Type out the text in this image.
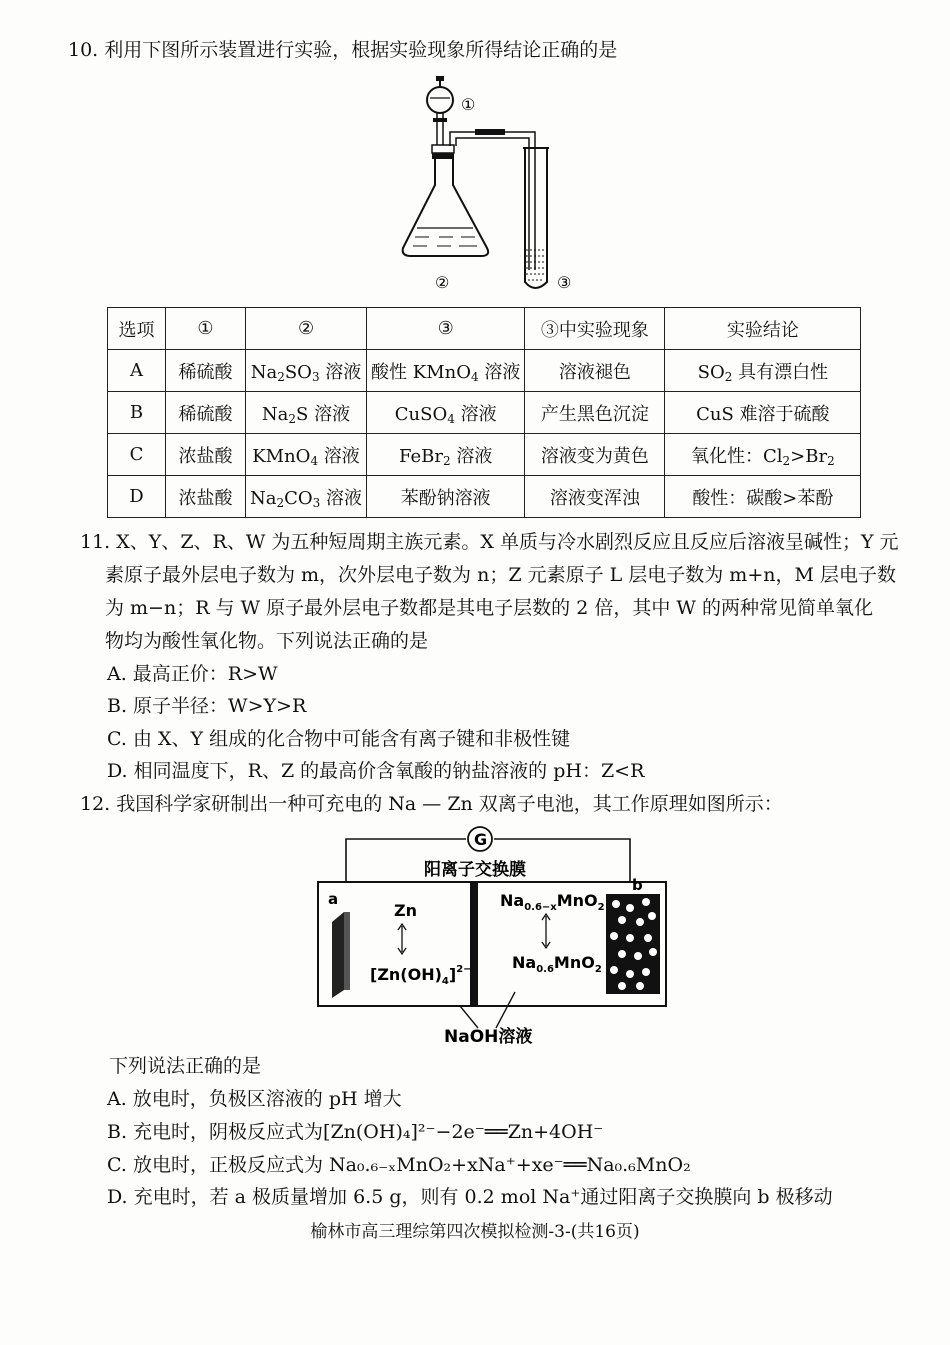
10. 利用下图所示装置进行实验，根据实验现象所得结论正确的是
①
②	③
选项	①	②	③	③中实验现象	实验结论
A	稀硫酸	$Na_2SO_3$ 溶液	酸性 KMnO$_4$ 溶液	溶液褪色	$SO_2$ 具有漂白性
B	稀硫酸	$Na_2S$ 溶液	CuSO$_4$ 溶液	产生黑色沉淀	CuS 难溶于硫酸
C	浓盐酸	KMnO$_4$ 溶液	FeBr$_2$ 溶液	溶液变为黄色	氧化性：$Cl_2>Br_2$
D	浓盐酸	$Na_2CO_3$ 溶液	苯酚钠溶液	溶液变浑浊	酸性：碳酸>苯酚
11. X、Y、Z、R、W 为五种短周期主族元素。X 单质与冷水剧烈反应且反应后溶液呈碱性；Y 元
素原子最外层电子数为 m，次外层电子数为 n；Z 元素原子 L 层电子数为 m+n，M 层电子数
为 m−n；R 与 W 原子最外层电子数都是其电子层数的 2 倍，其中 W 的两种常见简单氧化
物均为酸性氧化物。下列说法正确的是
A. 最高正价：R>W
B. 原子半径：W>Y>R
C. 由 X、Y 组成的化合物中可能含有离子键和非极性键
D. 相同温度下，R、Z 的最高价含氧酸的钠盐溶液的 pH：Z<R
12. 我国科学家研制出一种可充电的 Na — Zn 双离子电池，其工作原理如图所示：
G
阳离子交换膜
a
Zn
$[Zn(OH)_4]^{2-}$
$Na_{0.6-x}MnO_2$
$Na_{0.6}MnO_2$
b
NaOH溶液
下列说法正确的是
A. 放电时，负极区溶液的 pH 增大
B. 充电时，阴极反应式为[Zn(OH)₄]²⁻−2e⁻══Zn+4OH⁻
C. 放电时，正极反应式为 Na₀.₆₋ₓMnO₂+xNa⁺+xe⁻══Na₀.₆MnO₂
D. 充电时，若 a 极质量增加 6.5 g，则有 0.2 mol Na⁺通过阳离子交换膜向 b 极移动
榆林市高三理综第四次模拟检测-3-(共16页)
